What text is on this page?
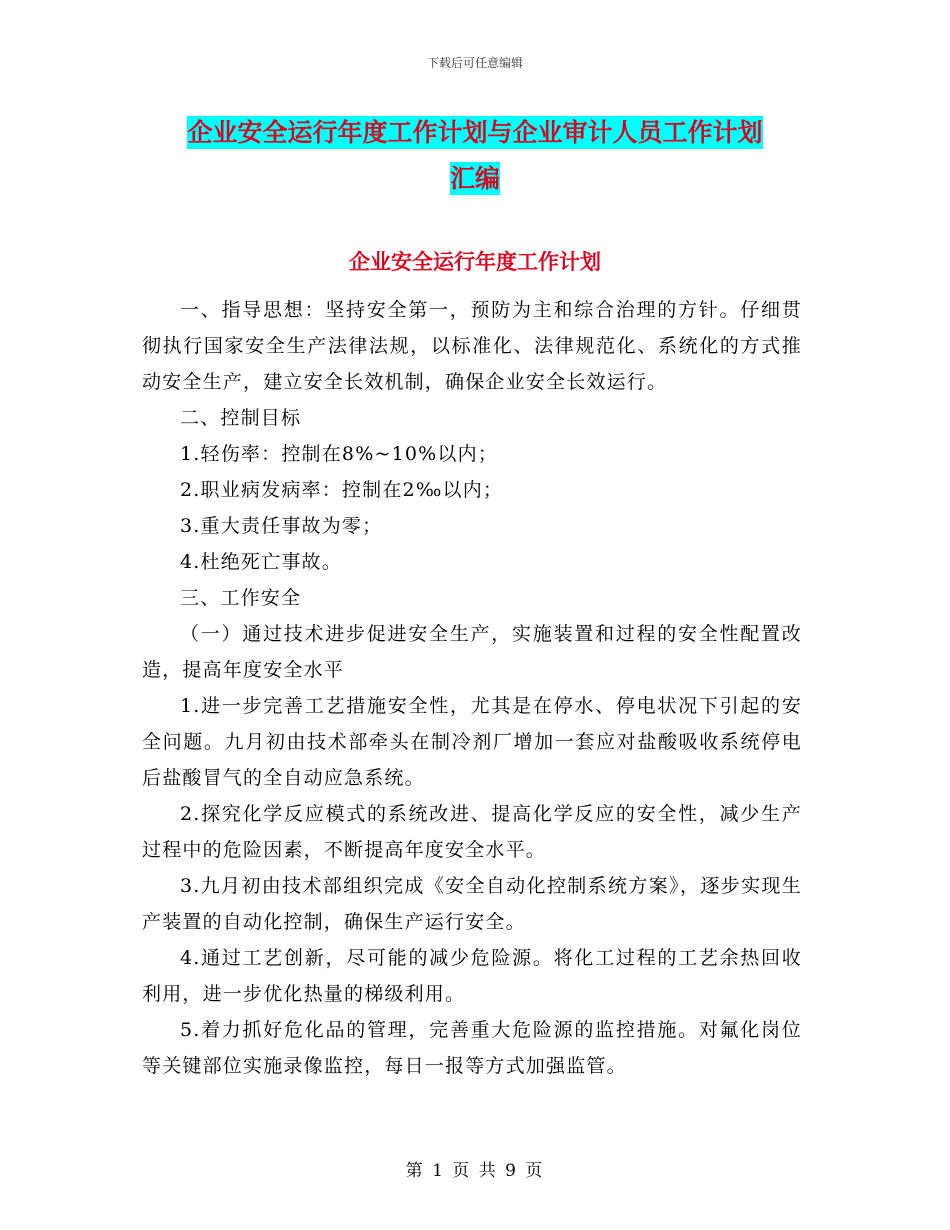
下载后可任意编辑
企业安全运行年度工作计划与企业审计人员工作计划
汇编
企业安全运行年度工作计划

一、指导思想：坚持安全第一，预防为主和综合治理的方针。仔细贯彻执行国家安全生产法律法规，以标准化、法律规范化、系统化的方式推动安全生产，建立安全长效机制，确保企业安全长效运行。

二、控制目标

1.轻伤率：控制在8%~10%以内；

2.职业病发病率：控制在2‰以内；

3.重大责任事故为零；

4.杜绝死亡事故。

三、工作安全

（一）通过技术进步促进安全生产，实施装置和过程的安全性配置改造，提高年度安全水平

1.进一步完善工艺措施安全性，尤其是在停水、停电状况下引起的安全问题。九月初由技术部牵头在制冷剂厂增加一套应对盐酸吸收系统停电后盐酸冒气的全自动应急系统。

2.探究化学反应模式的系统改进、提高化学反应的安全性，减少生产过程中的危险因素，不断提高年度安全水平。

3.九月初由技术部组织完成《安全自动化控制系统方案》，逐步实现生产装置的自动化控制，确保生产运行安全。

4.通过工艺创新，尽可能的减少危险源。将化工过程的工艺余热回收利用，进一步优化热量的梯级利用。

5.着力抓好危化品的管理，完善重大危险源的监控措施。对氟化岗位等关键部位实施录像监控，每日一报等方式加强监管。

第 1 页 共 9 页
